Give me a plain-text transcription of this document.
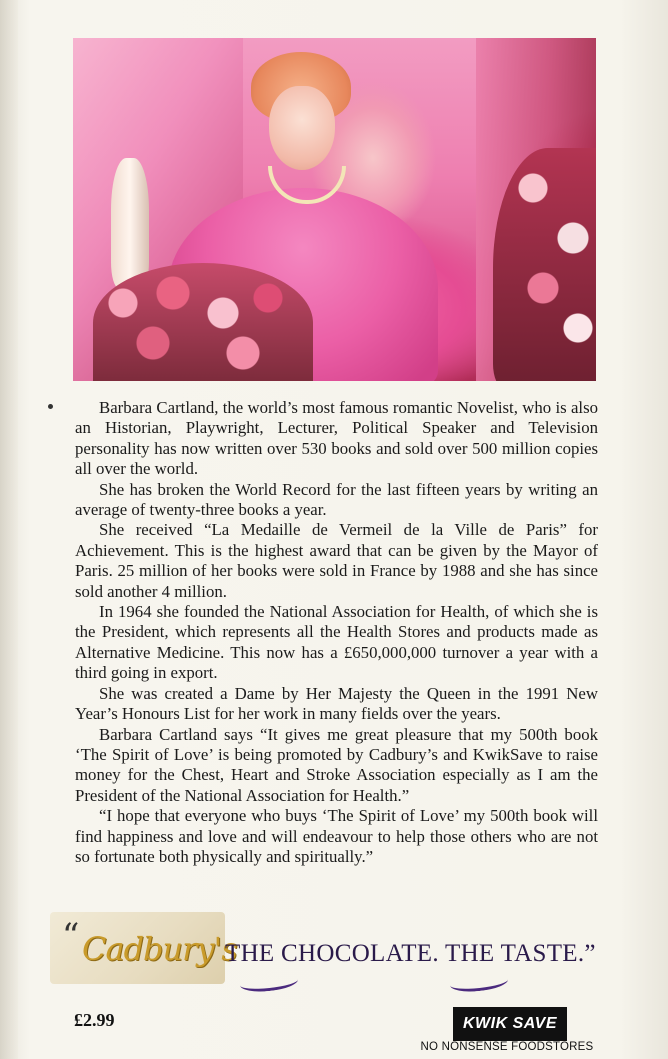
Barbara Cartland, the world’s most famous romantic Novelist, who is also an Historian, Playwright, Lecturer, Political Speaker and Television personality has now written over 530 books and sold over 500 million copies all over the world.

She has broken the World Record for the last fifteen years by writing an average of twenty-three books a year.

She received “La Medaille de Vermeil de la Ville de Paris” for Achievement. This is the highest award that can be given by the Mayor of Paris. 25 million of her books were sold in France by 1988 and she has since sold another 4 million.

In 1964 she founded the National Association for Health, of which she is the President, which represents all the Health Stores and products made as Alternative Medicine. This now has a £650,000,000 turnover a year with a third going in export.

She was created a Dame by Her Majesty the Queen in the 1991 New Year’s Honours List for her work in many fields over the years.

Barbara Cartland says “It gives me great pleasure that my 500th book ‘The Spirit of Love’ is being promoted by Cadbury’s and KwikSave to raise money for the Chest, Heart and Stroke Association especially as I am the President of the National Association for Health.”

“I hope that everyone who buys ‘The Spirit of Love’ my 500th book will find happiness and love and will endeavour to help those others who are not so fortunate both physically and spiritually.”

“ Cadbury's
THE CHOCOLATE. THE TASTE.”
£2.99	KWIK SAVE
NO NONSENSE FOODSTORES
